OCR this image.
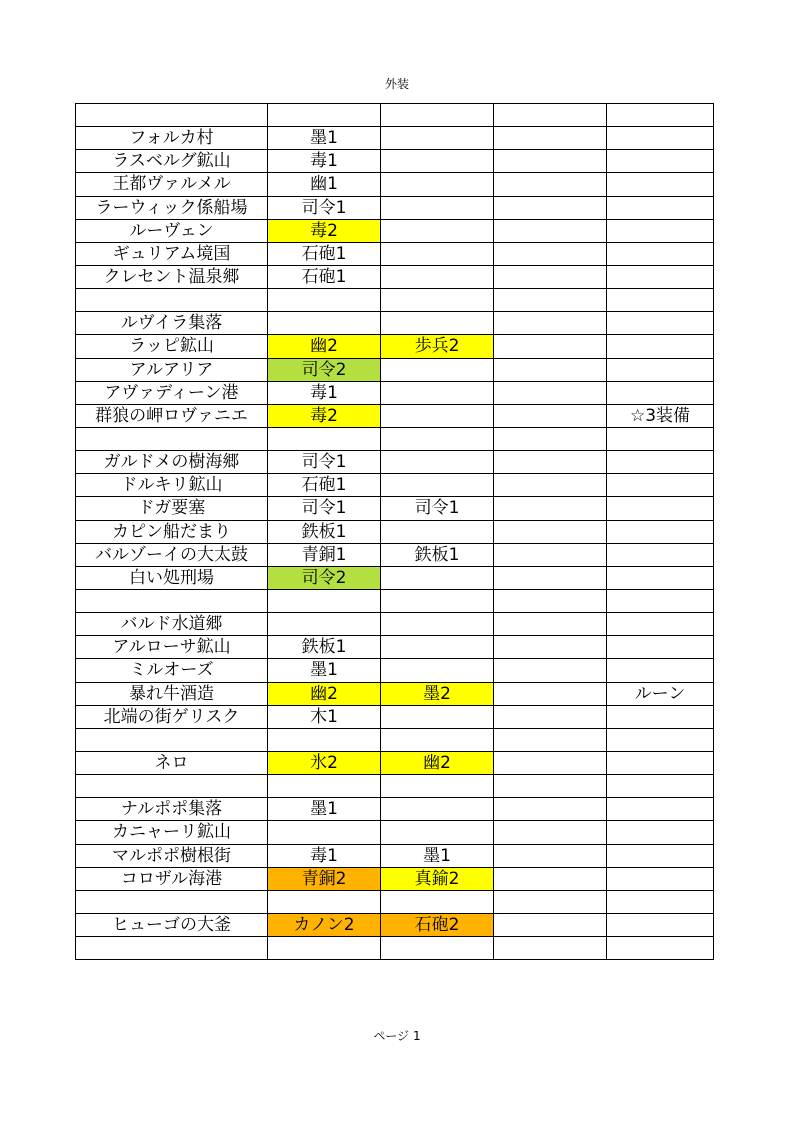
外装

フォルカ村	墨1			
ラスベルグ鉱山	毒1			
王都ヴァルメル	幽1			
ラーウィック係船場	司令1			
ルーヴェン	毒2			
ギュリアム境国	石砲1			
クレセント温泉郷	石砲1			

ルヴイラ集落				
ラッピ鉱山	幽2	歩兵2		
アルアリア	司令2			
アヴァディーン港	毒1			
群狼の岬ロヴァニエ	毒2			☆3装備

ガルドメの樹海郷	司令1			
ドルキリ鉱山	石砲1			
ドガ要塞	司令1	司令1		
カピン船だまり	鉄板1			
バルゾーイの大太鼓	青銅1	鉄板1		
白い処刑場	司令2			

バルド水道郷				
アルローサ鉱山	鉄板1			
ミルオーズ	墨1			
暴れ牛酒造	幽2	墨2		ルーン
北端の街ゲリスク	木1			

ネロ	氷2	幽2		

ナルポポ集落	墨1			
カニャーリ鉱山				
マルポポ樹根街	毒1	墨1		
コロザル海港	青銅2	真鍮2		

ヒューゴの大釜	カノン2	石砲2		

ページ 1
